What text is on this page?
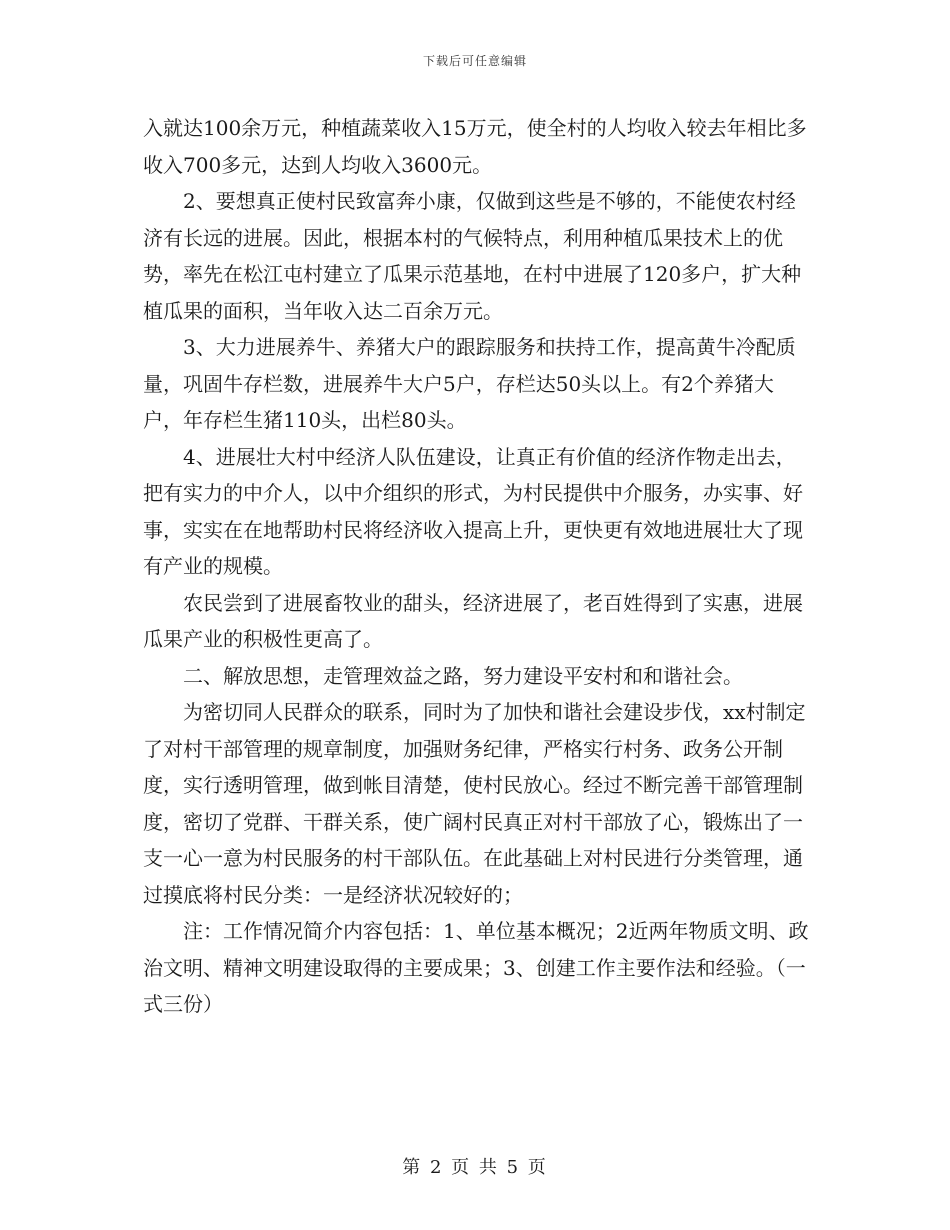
下载后可任意编辑

入就达100余万元，种植蔬菜收入15万元，使全村的人均收入较去年相比多收入700多元，达到人均收入3600元。

2、要想真正使村民致富奔小康，仅做到这些是不够的，不能使农村经济有长远的进展。因此，根据本村的气候特点，利用种植瓜果技术上的优势，率先在松江屯村建立了瓜果示范基地，在村中进展了120多户，扩大种植瓜果的面积，当年收入达二百余万元。

3、大力进展养牛、养猪大户的跟踪服务和扶持工作，提高黄牛冷配质量，巩固牛存栏数，进展养牛大户5户，存栏达50头以上。有2个养猪大户，年存栏生猪110头，出栏80头。

4、进展壮大村中经济人队伍建设，让真正有价值的经济作物走出去，把有实力的中介人，以中介组织的形式，为村民提供中介服务，办实事、好事，实实在在地帮助村民将经济收入提高上升，更快更有效地进展壮大了现有产业的规模。

农民尝到了进展畜牧业的甜头，经济进展了，老百姓得到了实惠，进展瓜果产业的积极性更高了。

二、解放思想，走管理效益之路，努力建设平安村和和谐社会。

为密切同人民群众的联系，同时为了加快和谐社会建设步伐，xx村制定了对村干部管理的规章制度，加强财务纪律，严格实行村务、政务公开制度，实行透明管理，做到帐目清楚，使村民放心。经过不断完善干部管理制度，密切了党群、干群关系，使广阔村民真正对村干部放了心，锻炼出了一支一心一意为村民服务的村干部队伍。在此基础上对村民进行分类管理，通过摸底将村民分类：一是经济状况较好的；

注：工作情况简介内容包括：1、单位基本概况；2近两年物质文明、政治文明、精神文明建设取得的主要成果；3、创建工作主要作法和经验。（一式三份）

第 2 页 共 5 页
